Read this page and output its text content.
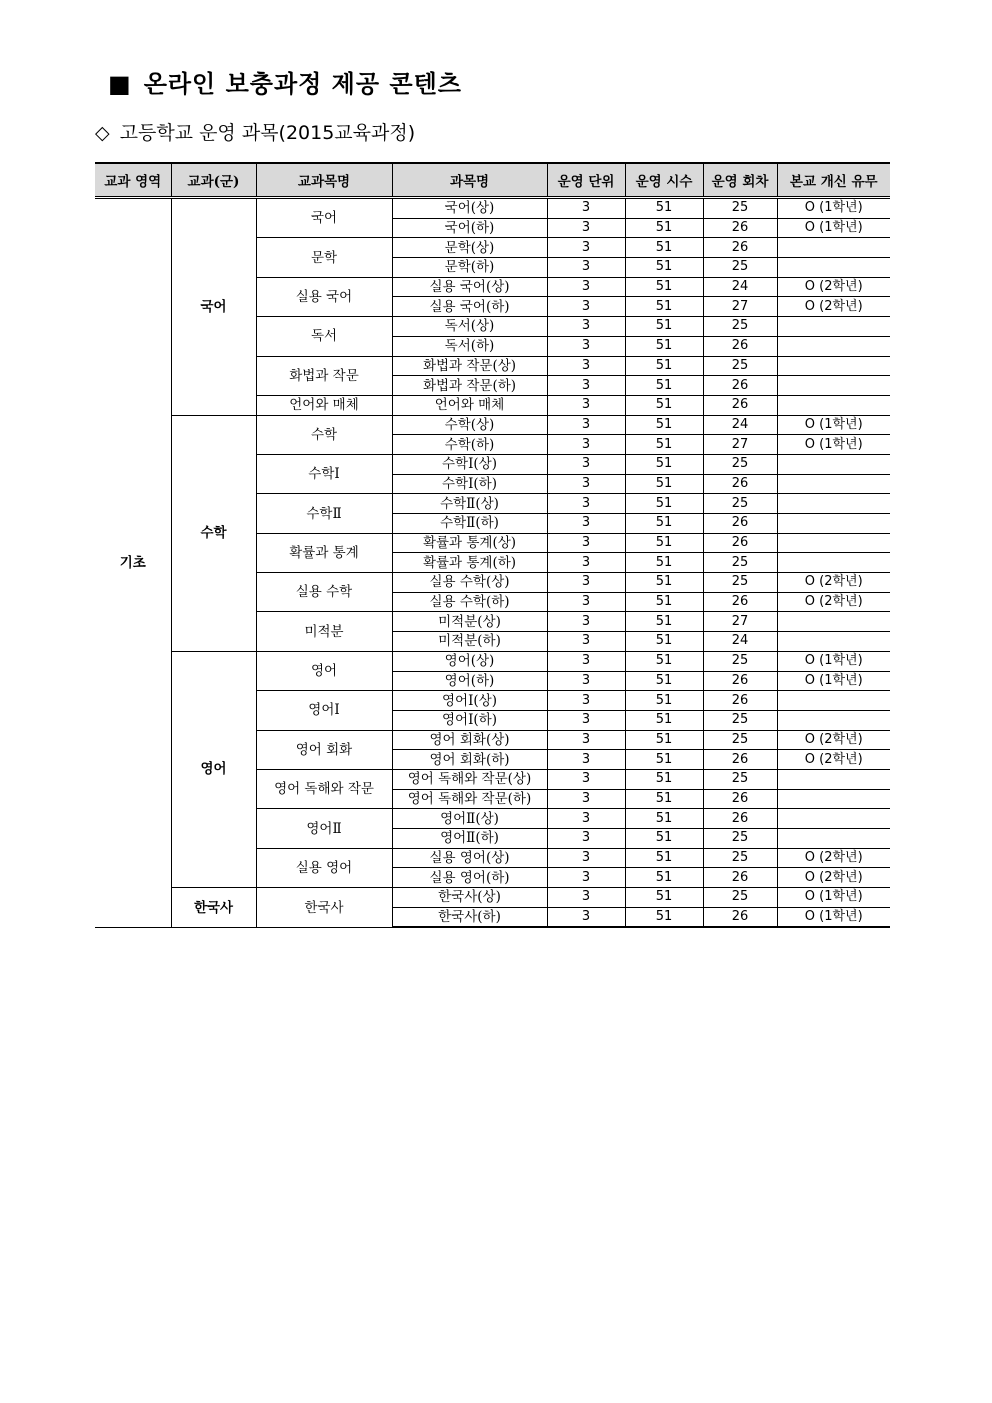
■ 온라인 보충과정 제공 콘텐츠
◇ 고등학교 운영 과목(2015교육과정)
교과 영역	교과(군)	교과목명	과목명	운영 단위	운영 시수	운영 회차	본교 개신 유무
기초	국어	국어	국어(상)	3	51	25	O (1학년)
			국어(하)	3	51	26	O (1학년)
		문학	문학(상)	3	51	26	
			문학(하)	3	51	25	
		실용 국어	실용 국어(상)	3	51	24	O (2학년)
			실용 국어(하)	3	51	27	O (2학년)
		독서	독서(상)	3	51	25	
			독서(하)	3	51	26	
		화법과 작문	화법과 작문(상)	3	51	25	
			화법과 작문(하)	3	51	26	
		언어와 매체	언어와 매체	3	51	26	
	수학	수학	수학(상)	3	51	24	O (1학년)
			수학(하)	3	51	27	O (1학년)
		수학Ⅰ	수학Ⅰ(상)	3	51	25	
			수학Ⅰ(하)	3	51	26	
		수학Ⅱ	수학Ⅱ(상)	3	51	25	
			수학Ⅱ(하)	3	51	26	
		확률과 통계	확률과 통계(상)	3	51	26	
			확률과 통계(하)	3	51	25	
		실용 수학	실용 수학(상)	3	51	25	O (2학년)
			실용 수학(하)	3	51	26	O (2학년)
		미적분	미적분(상)	3	51	27	
			미적분(하)	3	51	24	
	영어	영어	영어(상)	3	51	25	O (1학년)
			영어(하)	3	51	26	O (1학년)
		영어Ⅰ	영어Ⅰ(상)	3	51	26	
			영어Ⅰ(하)	3	51	25	
		영어 회화	영어 회화(상)	3	51	25	O (2학년)
			영어 회화(하)	3	51	26	O (2학년)
		영어 독해와 작문	영어 독해와 작문(상)	3	51	25	
			영어 독해와 작문(하)	3	51	26	
		영어Ⅱ	영어Ⅱ(상)	3	51	26	
			영어Ⅱ(하)	3	51	25	
		실용 영어	실용 영어(상)	3	51	25	O (2학년)
			실용 영어(하)	3	51	26	O (2학년)
	한국사	한국사	한국사(상)	3	51	25	O (1학년)
			한국사(하)	3	51	26	O (1학년)
